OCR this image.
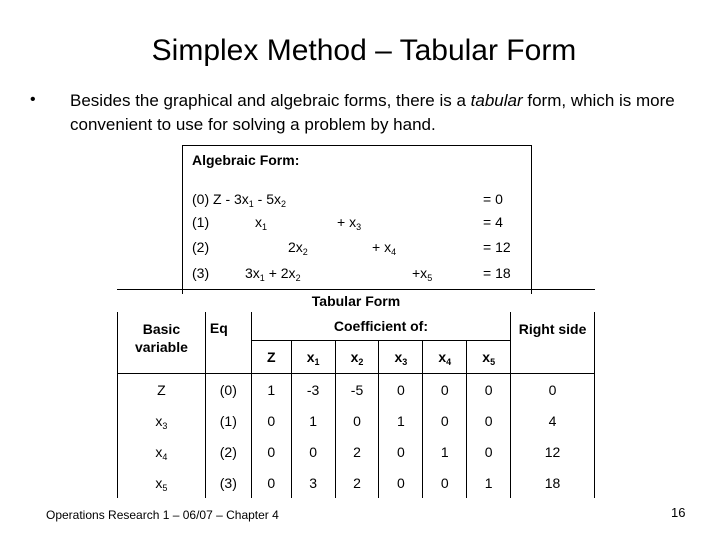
Simplex Method – Tabular Form
• Besides the graphical and algebraic forms, there is a tabular form, which is more convenient to use for solving a problem by hand.
Algebraic Form:
(0) Z - $3x_1 - 5x_2$	= 0
(1)	$x_1$	+ $x_3$	= 4
(2)	$2x_2$	+ $x_4$	= 12
(3)	$3x_1 + 2x_2$	$+x_5$	= 18
Tabular Form
Basic variable	Eq	Coefficient of:						Right side
		Z	$x_1$	$x_2$	$x_3$	$x_4$	$x_5$
Z	(0)	1	-3	-5	0	0	0	0
$x_3$	(1)	0	1	0	1	0	0	4
$x_4$	(2)	0	0	2	0	1	0	12
$x_5$	(3)	0	3	2	0	0	1	18
Operations Research 1 – 06/07 – Chapter 4	16
